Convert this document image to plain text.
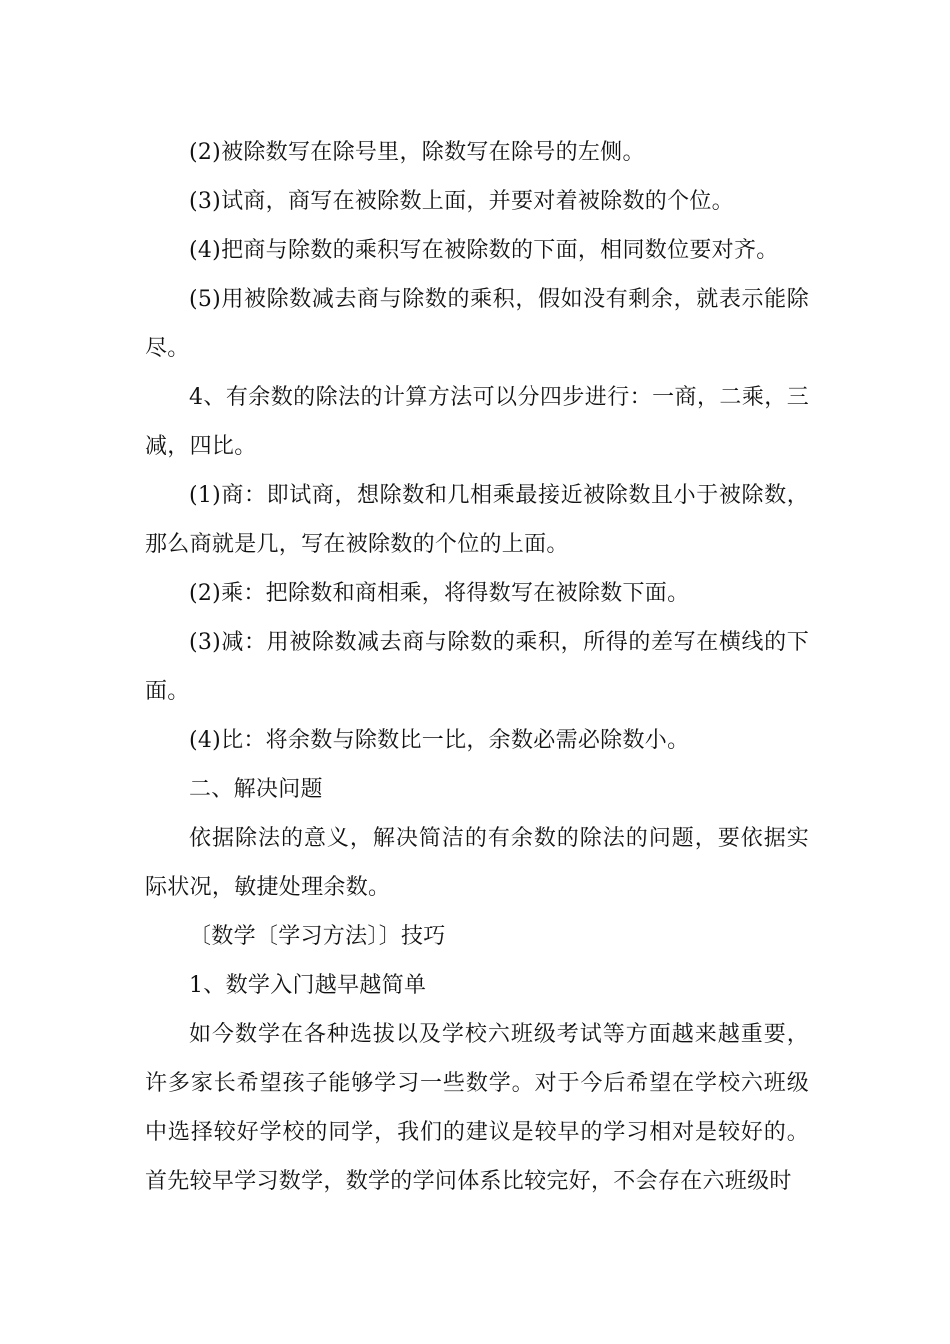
(2)被除数写在除号里，除数写在除号的左侧。

(3)试商，商写在被除数上面，并要对着被除数的个位。

(4)把商与除数的乘积写在被除数的下面，相同数位要对齐。

(5)用被除数减去商与除数的乘积，假如没有剩余，就表示能除尽。

4、有余数的除法的计算方法可以分四步进行：一商，二乘，三减，四比。

(1)商：即试商，想除数和几相乘最接近被除数且小于被除数，那么商就是几，写在被除数的个位的上面。

(2)乘：把除数和商相乘，将得数写在被除数下面。

(3)减：用被除数减去商与除数的乘积，所得的差写在横线的下面。

(4)比：将余数与除数比一比，余数必需必除数小。

二、解决问题

依据除法的意义，解决简洁的有余数的除法的问题，要依据实际状况，敏捷处理余数。

〔数学〔学习方法〕〕技巧

1、数学入门越早越简单

如今数学在各种选拔以及学校六班级考试等方面越来越重要，许多家长希望孩子能够学习一些数学。对于今后希望在学校六班级中选择较好学校的同学，我们的建议是较早的学习相对是较好的。首先较早学习数学，数学的学问体系比较完好，不会存在六班级时
